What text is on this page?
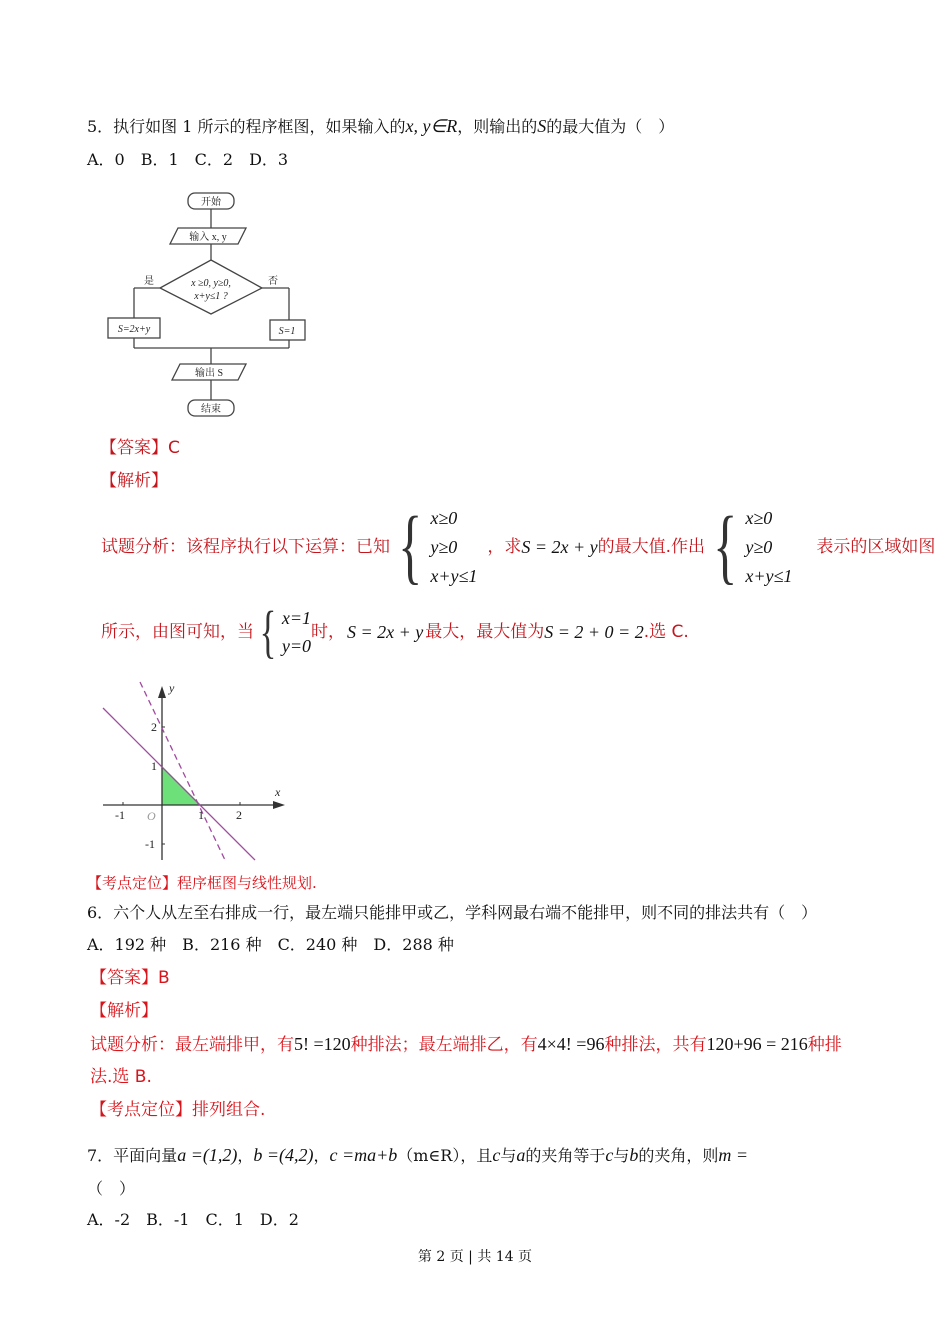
5．执行如图 1 所示的程序框图，如果输入的x, y∈R，则输出的S的最大值为（　）
A．0　B．1　C．2　D．3
开始
输入 x, y
x ≥0, y≥0,
x+y≤1 ?
是	否
S=2x+y	S=1
输出 S
结束
【答案】C
【解析】
试题分析：该程序执行以下运算：已知 { x≥0
y≥0
x+y≤1
，求 S = 2x + y 的最大值.作出 { x≥0
y≥0
x+y≤1
表示的区域如图
所示，由图可知，当 { x=1
y=0
时， S = 2x + y 最大，最大值为 S = 2 + 0 = 2 .选 C.
x
y
O
-1	1	2
2
1
-1
【考点定位】程序框图与线性规划.
6．六个人从左至右排成一行，最左端只能排甲或乙，学科网最右端不能排甲，则不同的排法共有（　）
A．192 种　B．216 种　C．240 种　D．288 种
【答案】B
【解析】
试题分析：最左端排甲，有5! =120种排法；最左端排乙，有4×4! =96种排法，共有120+96 = 216种排
法.选 B.
【考点定位】排列组合.
7．平面向量a =(1,2)，b =(4,2)，c =ma+b（m∈R），且c与a的夹角等于c与b的夹角，则m =
（　）
A．-2　B．-1　C．1　D．2
第 2 页 | 共 14 页
